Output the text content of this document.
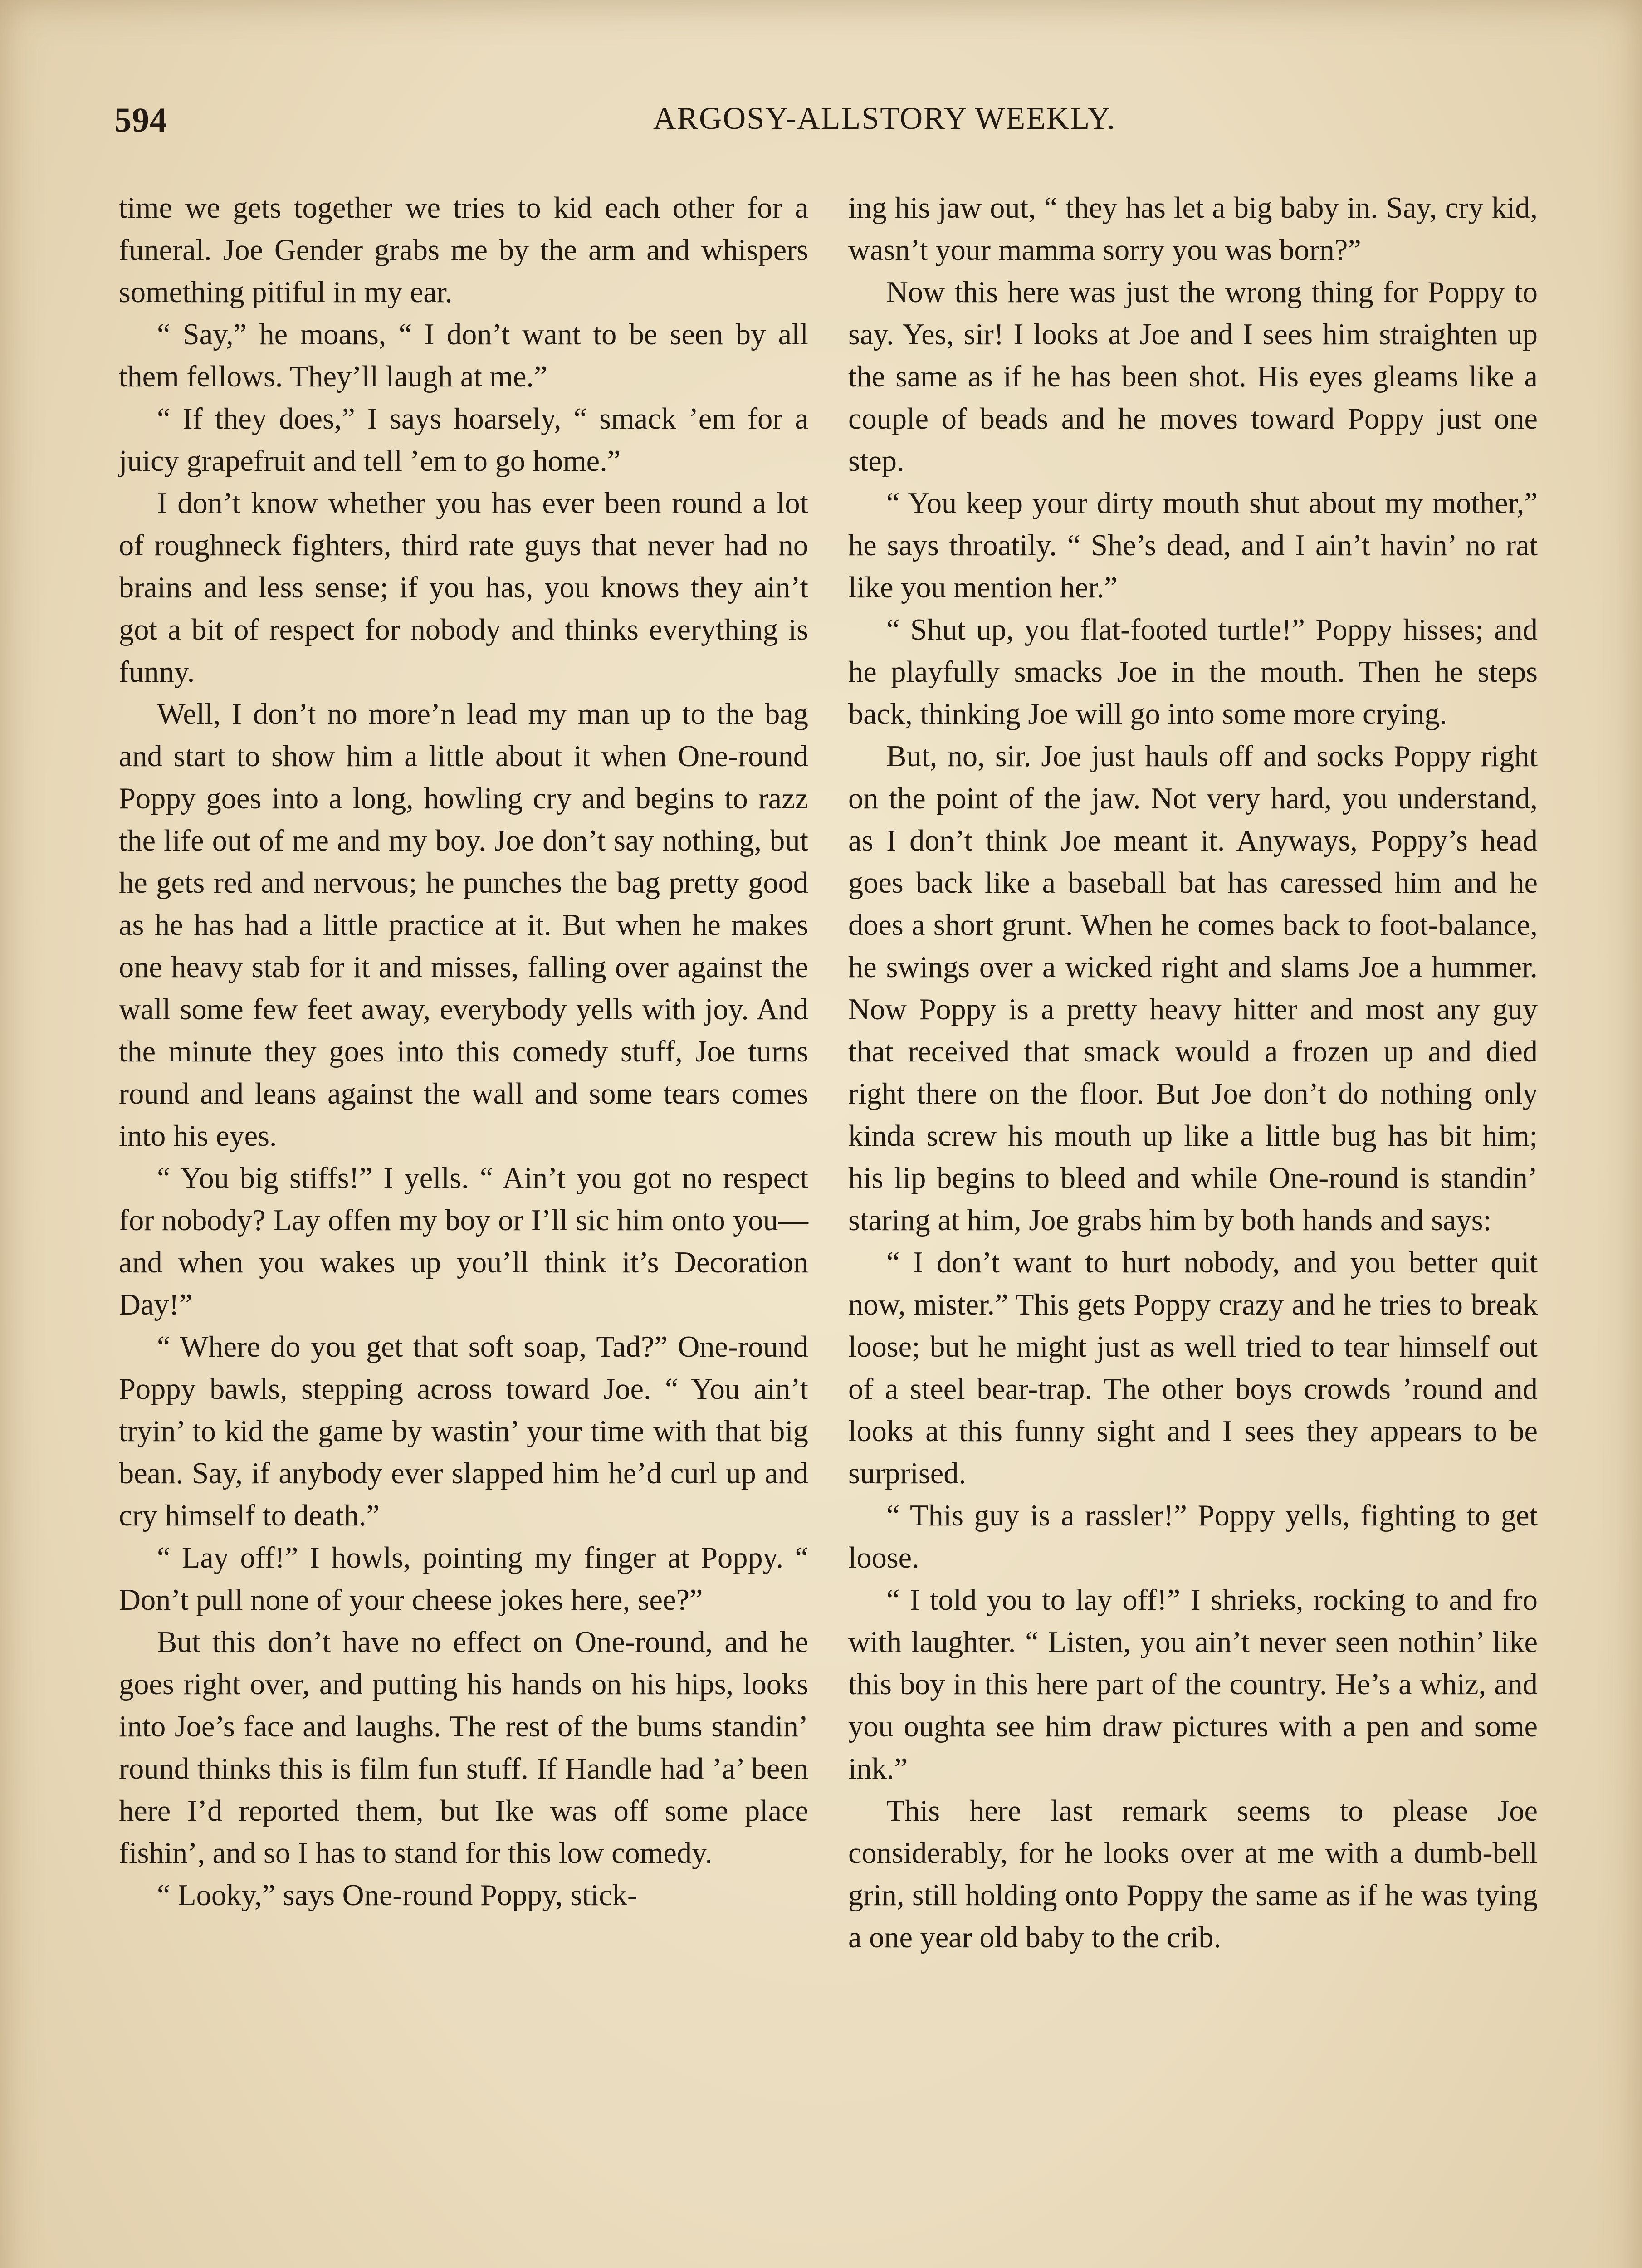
594	ARGOSY-ALLSTORY WEEKLY.

time we gets together we tries to kid each other for a funeral. Joe Gender grabs me by the arm and whispers something pitiful in my ear.

“ Say,” he moans, “ I don’t want to be seen by all them fellows. They’ll laugh at me.”

“ If they does,” I says hoarsely, “ smack ’em for a juicy grapefruit and tell ’em to go home.”

I don’t know whether you has ever been round a lot of roughneck fighters, third rate guys that never had no brains and less sense; if you has, you knows they ain’t got a bit of respect for nobody and thinks everything is funny.

Well, I don’t no more’n lead my man up to the bag and start to show him a little about it when One-round Poppy goes into a long, howling cry and begins to razz the life out of me and my boy. Joe don’t say nothing, but he gets red and nervous; he punches the bag pretty good as he has had a little practice at it. But when he makes one heavy stab for it and misses, falling over against the wall some few feet away, everybody yells with joy. And the minute they goes into this comedy stuff, Joe turns round and leans against the wall and some tears comes into his eyes.

“ You big stiffs!” I yells. “ Ain’t you got no respect for nobody? Lay offen my boy or I’ll sic him onto you—and when you wakes up you’ll think it’s Decoration Day!”

“ Where do you get that soft soap, Tad?” One-round Poppy bawls, stepping across toward Joe. “ You ain’t tryin’ to kid the game by wastin’ your time with that big bean. Say, if anybody ever slapped him he’d curl up and cry himself to death.”

“ Lay off!” I howls, pointing my finger at Poppy. “ Don’t pull none of your cheese jokes here, see?”

But this don’t have no effect on One-round, and he goes right over, and putting his hands on his hips, looks into Joe’s face and laughs. The rest of the bums standin’ round thinks this is film fun stuff. If Handle had ’a’ been here I’d reported them, but Ike was off some place fishin’, and so I has to stand for this low comedy.

“ Looky,” says One-round Poppy, stick-

ing his jaw out, “ they has let a big baby in. Say, cry kid, wasn’t your mamma sorry you was born?”

Now this here was just the wrong thing for Poppy to say. Yes, sir! I looks at Joe and I sees him straighten up the same as if he has been shot. His eyes gleams like a couple of beads and he moves toward Poppy just one step.

“ You keep your dirty mouth shut about my mother,” he says throatily. “ She’s dead, and I ain’t havin’ no rat like you mention her.”

“ Shut up, you flat-footed turtle!” Poppy hisses; and he playfully smacks Joe in the mouth. Then he steps back, thinking Joe will go into some more crying.

But, no, sir. Joe just hauls off and socks Poppy right on the point of the jaw. Not very hard, you understand, as I don’t think Joe meant it. Anyways, Poppy’s head goes back like a baseball bat has caressed him and he does a short grunt. When he comes back to foot-balance, he swings over a wicked right and slams Joe a hummer. Now Poppy is a pretty heavy hitter and most any guy that received that smack would a frozen up and died right there on the floor. But Joe don’t do nothing only kinda screw his mouth up like a little bug has bit him; his lip begins to bleed and while One-round is standin’ staring at him, Joe grabs him by both hands and says:

“ I don’t want to hurt nobody, and you better quit now, mister.” This gets Poppy crazy and he tries to break loose; but he might just as well tried to tear himself out of a steel bear-trap. The other boys crowds ’round and looks at this funny sight and I sees they appears to be surprised.

“ This guy is a rassler!” Poppy yells, fighting to get loose.

“ I told you to lay off!” I shrieks, rocking to and fro with laughter. “ Listen, you ain’t never seen nothin’ like this boy in this here part of the country. He’s a whiz, and you oughta see him draw pictures with a pen and some ink.”

This here last remark seems to please Joe considerably, for he looks over at me with a dumb-bell grin, still holding onto Poppy the same as if he was tying a one year old baby to the crib.
